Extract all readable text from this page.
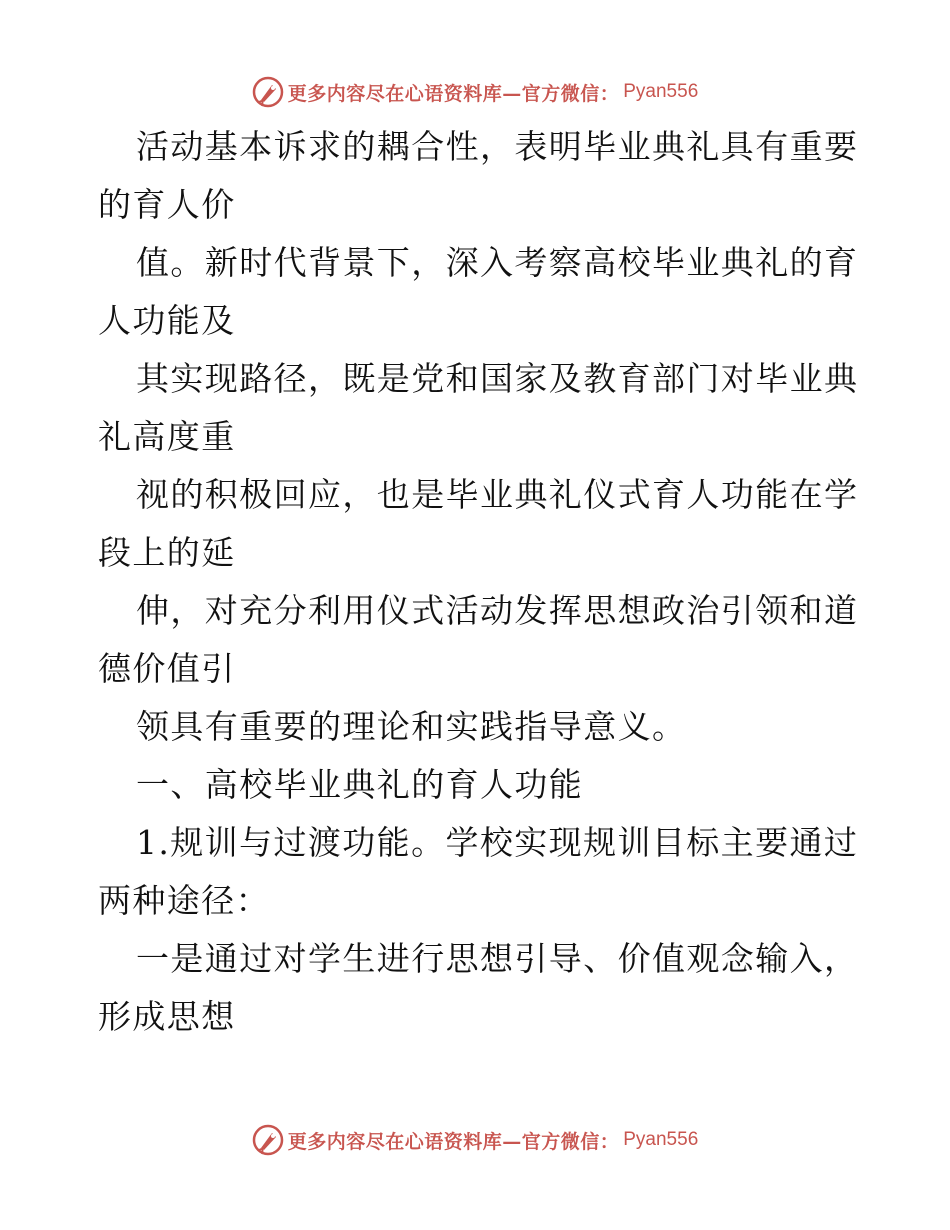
更多内容尽在心语资料库—官方微信： Pyan556
活动基本诉求的耦合性，表明毕业典礼具有重要
的育人价
值。新时代背景下，深入考察高校毕业典礼的育
人功能及
其实现路径，既是党和国家及教育部门对毕业典
礼高度重
视的积极回应，也是毕业典礼仪式育人功能在学
段上的延
伸，对充分利用仪式活动发挥思想政治引领和道
德价值引
领具有重要的理论和实践指导意义。
一、高校毕业典礼的育人功能
1.规训与过渡功能。学校实现规训目标主要通过
两种途径：
一是通过对学生进行思想引导、价值观念输入，
形成思想
更多内容尽在心语资料库—官方微信： Pyan556
